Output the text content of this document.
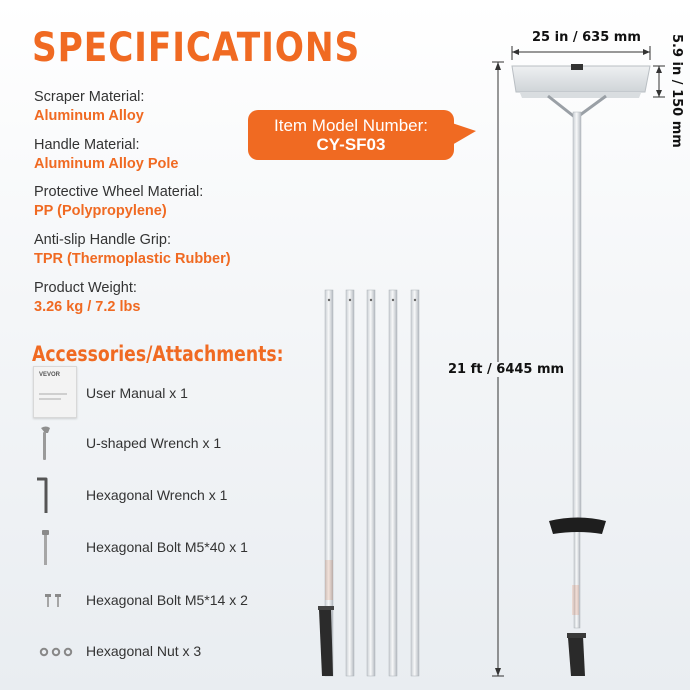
SPECIFICATIONS
Scraper Material:
Aluminum Alloy
Handle Material:
Aluminum Alloy Pole
Protective Wheel Material:
PP (Polypropylene)
Anti-slip Handle Grip:
TPR (Thermoplastic Rubber)
Product Weight:
3.26 kg / 7.2 lbs
Item Model Number:
CY-SF03
Accessories/Attachments:
VEVOR
User Manual x 1
U-shaped Wrench x 1
Hexagonal Wrench x 1
Hexagonal Bolt M5*40 x 1
Hexagonal Bolt M5*14 x 2
Hexagonal Nut x 3
25 in / 635 mm 5.9 in / 150 mm
21 ft / 6445 mm
